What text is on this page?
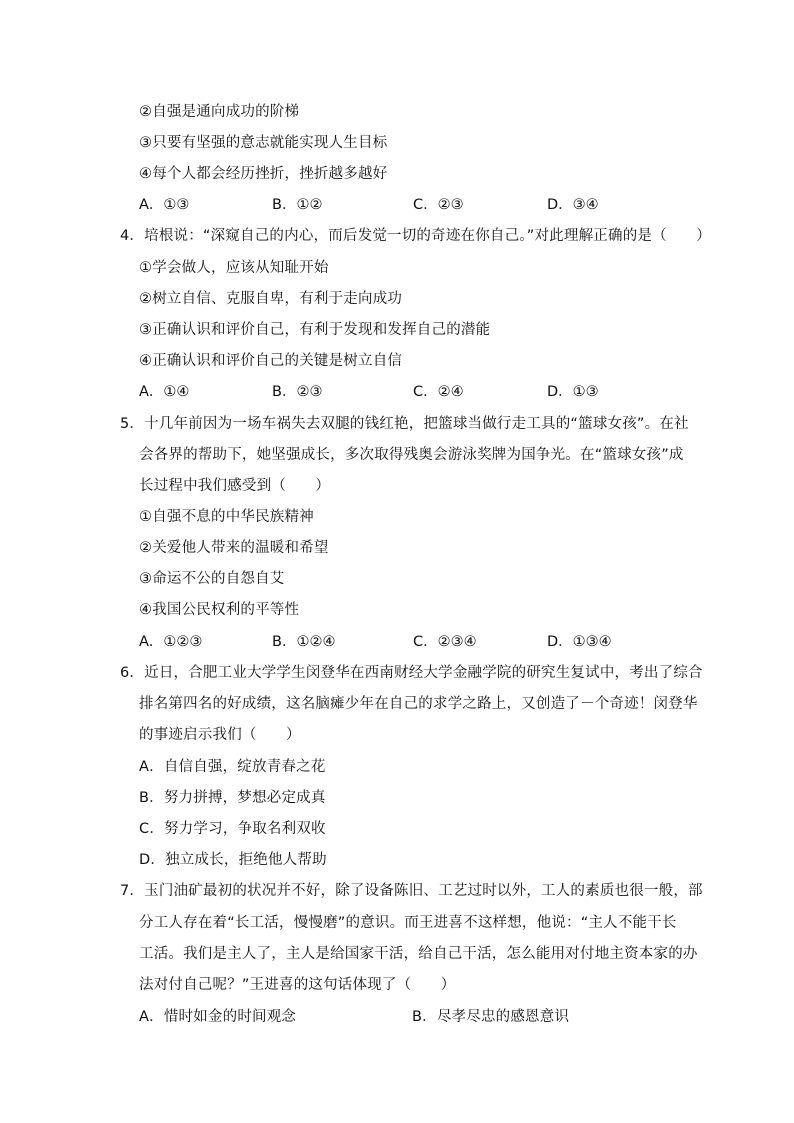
②自强是通向成功的阶梯
③只要有坚强的意志就能实现人生目标
④每个人都会经历挫折，挫折越多越好
A．①③	B．①②	C．②③	D．③④
4．培根说：“深窥自己的内心，而后发觉一切的奇迹在你自己。”对此理解正确的是（　　）
①学会做人，应该从知耻开始
②树立自信、克服自卑，有利于走向成功
③正确认识和评价自己，有利于发现和发挥自己的潜能
④正确认识和评价自己的关键是树立自信
A．①④	B．②③	C．②④	D．①③
5．十几年前因为一场车祸失去双腿的钱红艳，把篮球当做行走工具的“篮球女孩”。在社
会各界的帮助下，她坚强成长，多次取得残奥会游泳奖牌为国争光。在“篮球女孩”成
长过程中我们感受到（　　）
①自强不息的中华民族精神
②关爱他人带来的温暖和希望
③命运不公的自怨自艾
④我国公民权利的平等性
A．①②③	B．①②④	C．②③④	D．①③④
6．近日，合肥工业大学学生闵登华在西南财经大学金融学院的研究生复试中，考出了综合
排名第四名的好成绩，这名脑瘫少年在自己的求学之路上，又创造了－个奇迹！闵登华
的事迹启示我们（　　）
A．自信自强，绽放青春之花
B．努力拼搏，梦想必定成真
C．努力学习，争取名利双收
D．独立成长，拒绝他人帮助
7．玉门油矿最初的状况并不好，除了设备陈旧、工艺过时以外，工人的素质也很一般，部
分工人存在着“长工活，慢慢磨”的意识。而王进喜不这样想，他说：“主人不能干长
工活。我们是主人了，主人是给国家干活，给自己干活，怎么能用对付地主资本家的办
法对付自己呢？”王进喜的这句话体现了（　　）
A．惜时如金的时间观念	B．尽孝尽忠的感恩意识
